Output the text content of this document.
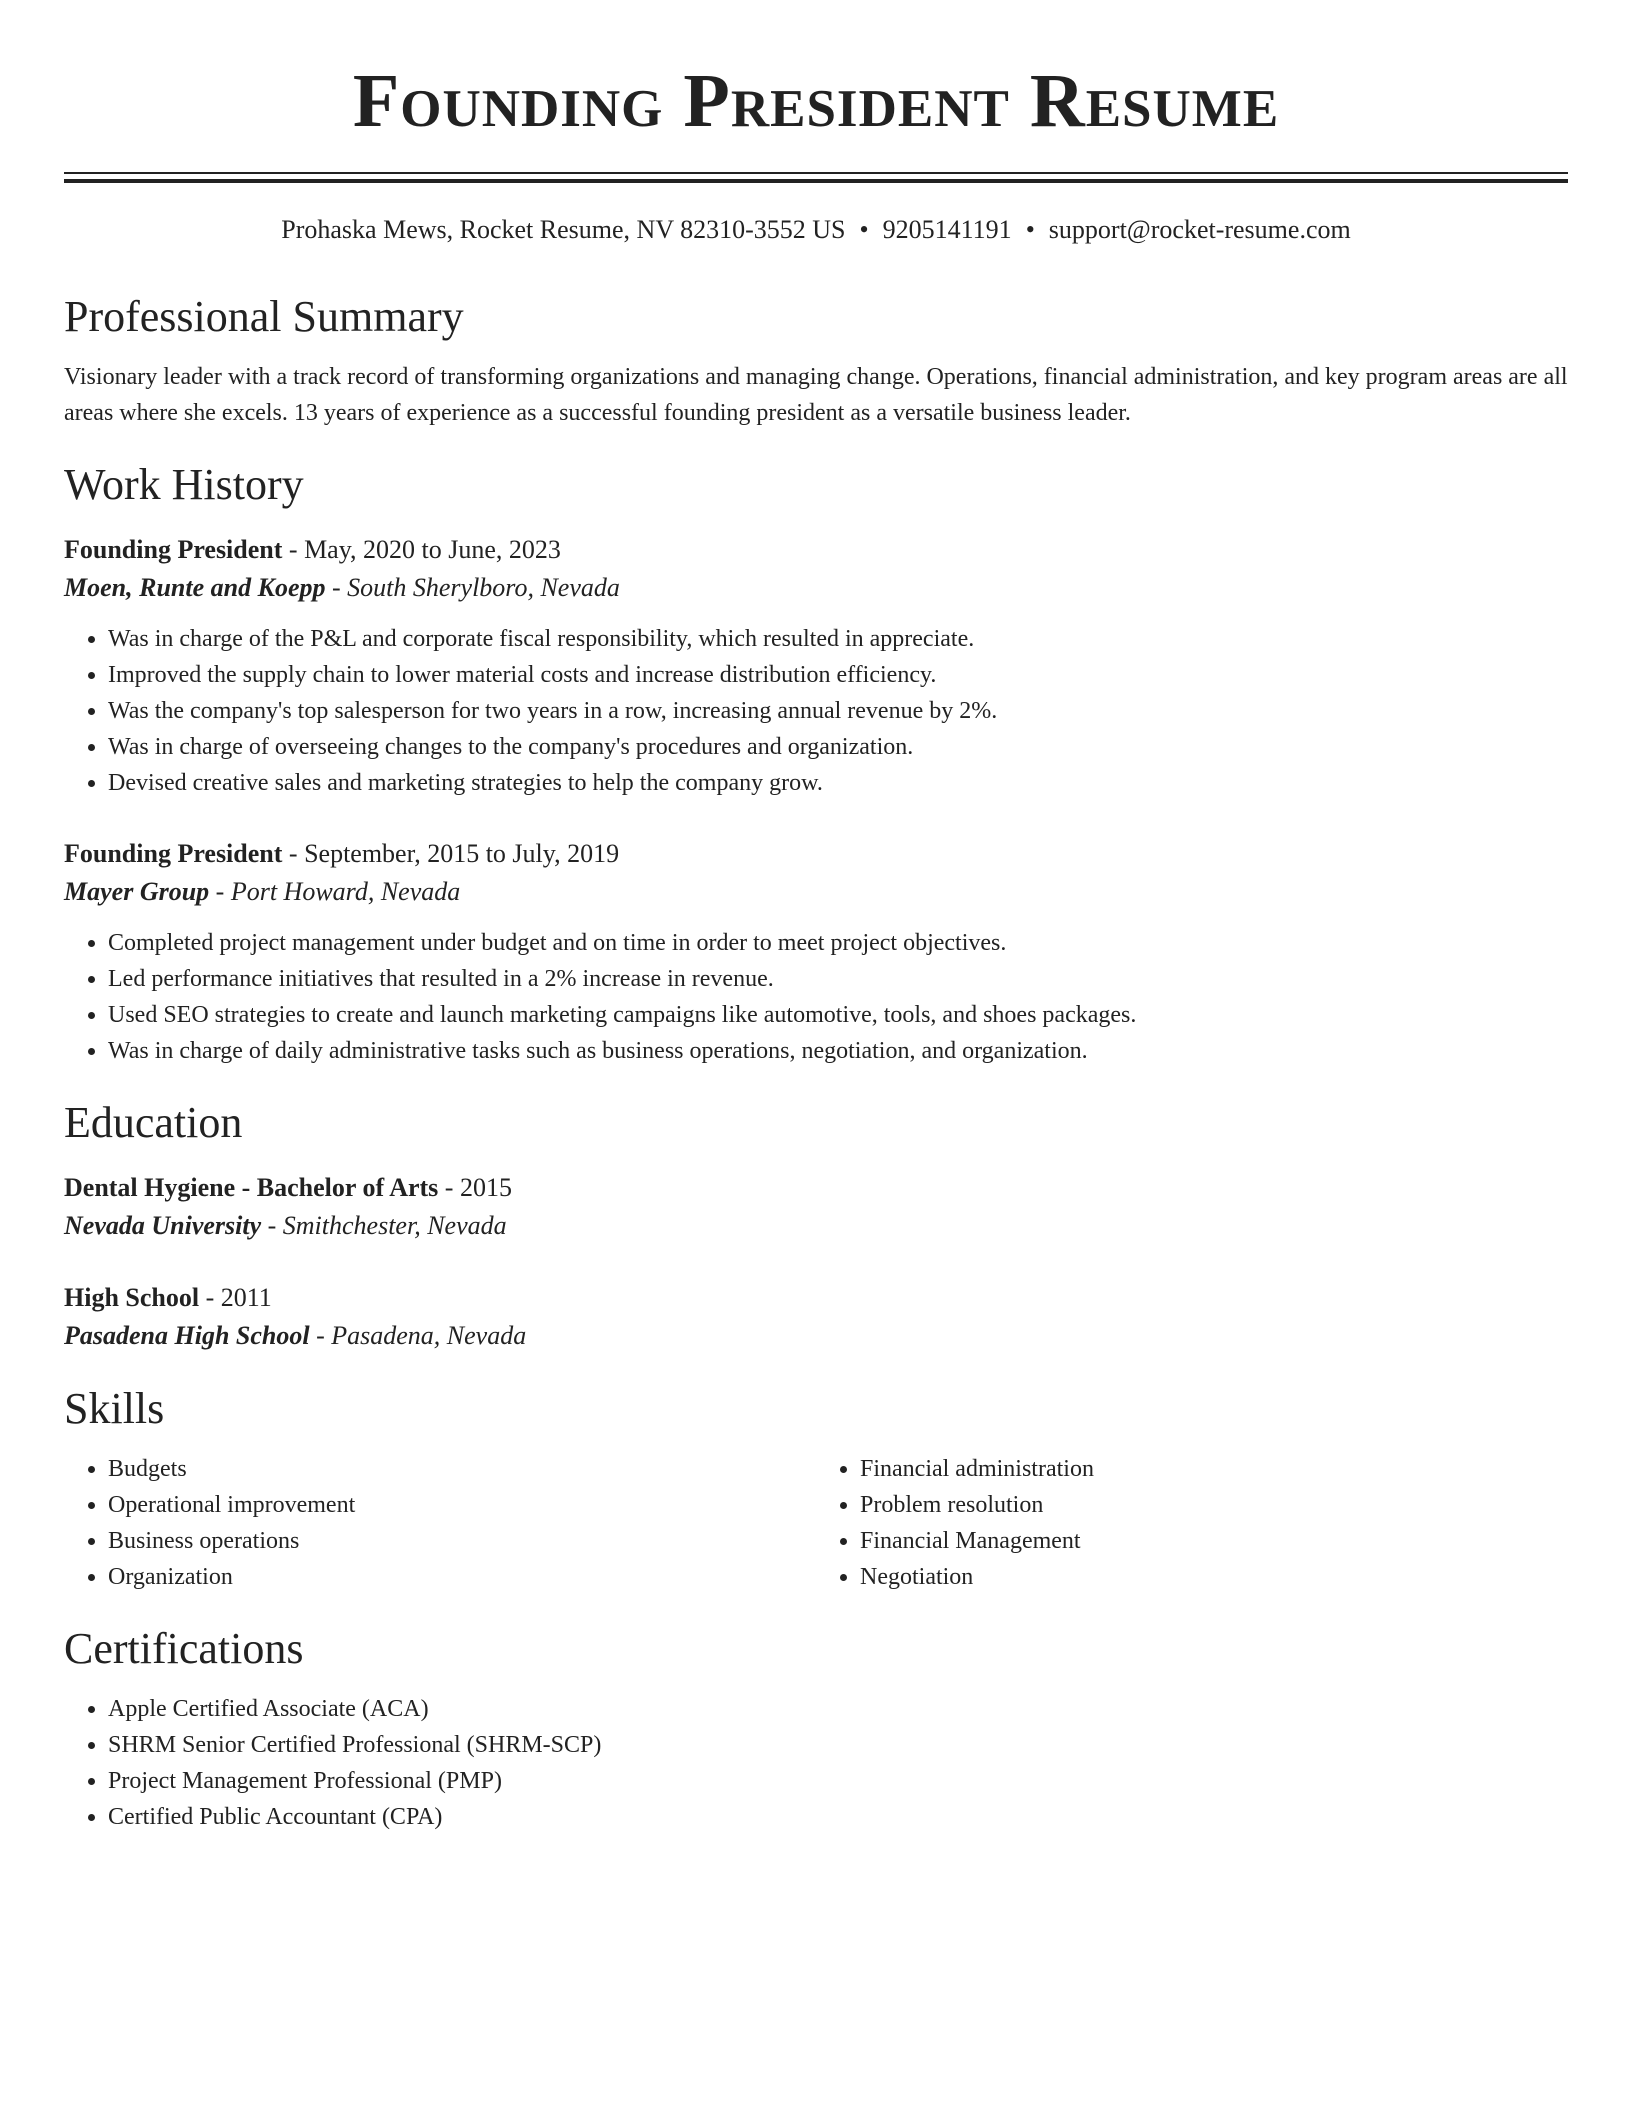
Founding President Resume
Prohaska Mews, Rocket Resume, NV 82310-3552 US • 9205141191 • support@rocket-resume.com
Professional Summary

Visionary leader with a track record of transforming organizations and managing change. Operations, financial administration, and key program areas are all areas where she excels. 13 years of experience as a successful founding president as a versatile business leader.

Work History

Founding President - May, 2020 to June, 2023

Moen, Runte and Koepp - South Sherylboro, Nevada

• Was in charge of the P&L and corporate fiscal responsibility, which resulted in appreciate.
• Improved the supply chain to lower material costs and increase distribution efficiency.
• Was the company's top salesperson for two years in a row, increasing annual revenue by 2%.
• Was in charge of overseeing changes to the company's procedures and organization.
• Devised creative sales and marketing strategies to help the company grow.

Founding President - September, 2015 to July, 2019

Mayer Group - Port Howard, Nevada

• Completed project management under budget and on time in order to meet project objectives.
• Led performance initiatives that resulted in a 2% increase in revenue.
• Used SEO strategies to create and launch marketing campaigns like automotive, tools, and shoes packages.
• Was in charge of daily administrative tasks such as business operations, negotiation, and organization.
Education

Dental Hygiene - Bachelor of Arts - 2015

Nevada University - Smithchester, Nevada

High School - 2011

Pasadena High School - Pasadena, Nevada

Skills
• Budgets
• Operational improvement
• Business operations
• Organization
• Financial administration
• Problem resolution
• Financial Management
• Negotiation
Certifications
• Apple Certified Associate (ACA)
• SHRM Senior Certified Professional (SHRM-SCP)
• Project Management Professional (PMP)
• Certified Public Accountant (CPA)
